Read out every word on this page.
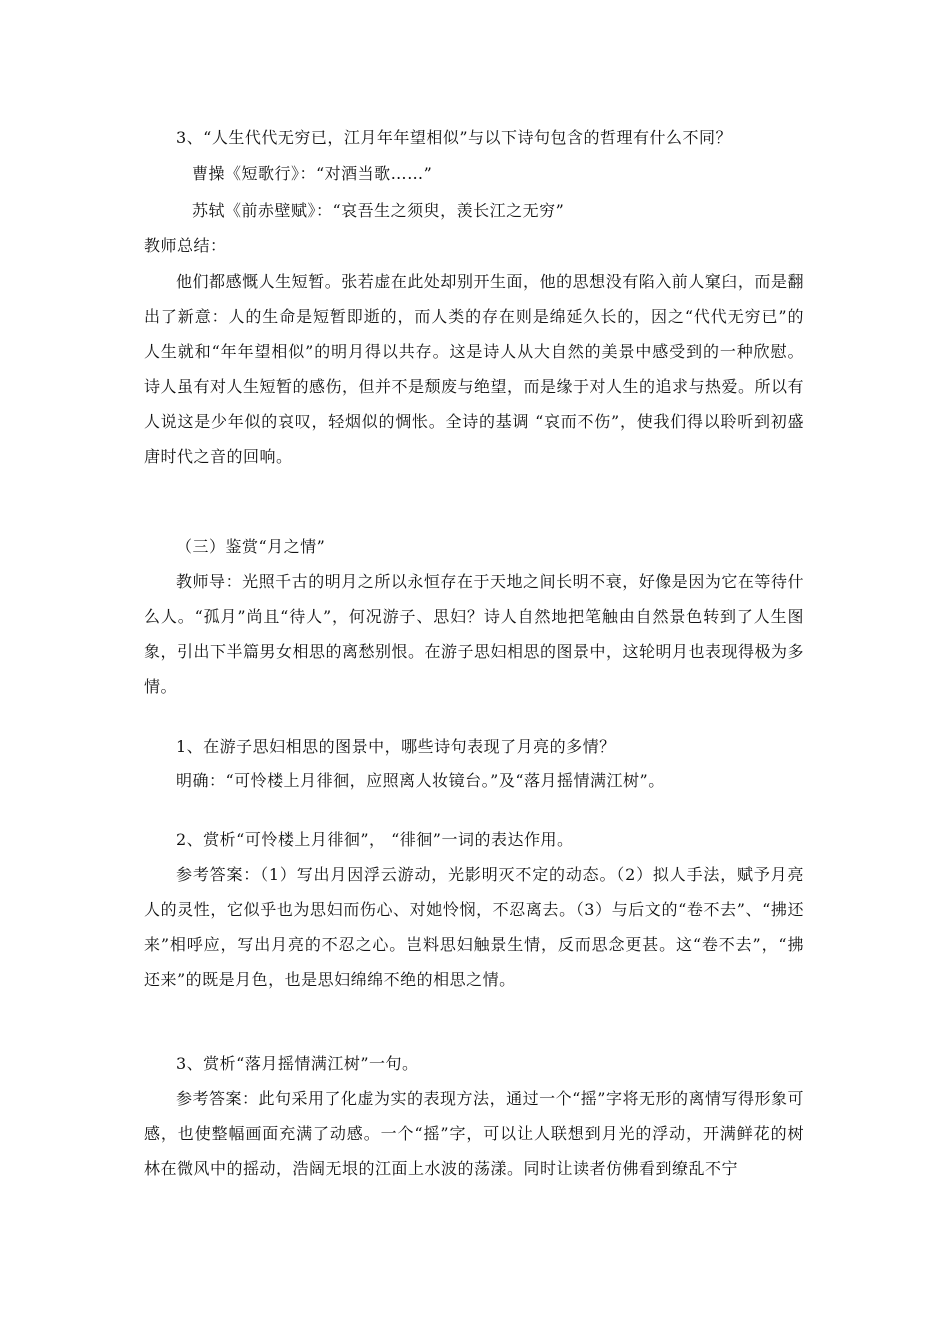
3、“人生代代无穷已，江月年年望相似”与以下诗句包含的哲理有什么不同？
曹操《短歌行》：“对酒当歌……”
苏轼《前赤壁赋》：“哀吾生之须臾，羡长江之无穷”
教师总结：
他们都感慨人生短暂。张若虚在此处却别开生面，他的思想没有陷入前人窠臼，而是翻出了新意：人的生命是短暂即逝的，而人类的存在则是绵延久长的，因之“代代无穷已”的人生就和“年年望相似”的明月得以共存。这是诗人从大自然的美景中感受到的一种欣慰。诗人虽有对人生短暂的感伤，但并不是颓废与绝望，而是缘于对人生的追求与热爱。所以有人说这是少年似的哀叹，轻烟似的惆怅。全诗的基调 “哀而不伤”，使我们得以聆听到初盛唐时代之音的回响。
（三）鉴赏“月之情”
教师导：光照千古的明月之所以永恒存在于天地之间长明不衰，好像是因为它在等待什么人。“孤月”尚且“待人”，何况游子、思妇？诗人自然地把笔触由自然景色转到了人生图象，引出下半篇男女相思的离愁别恨。在游子思妇相思的图景中，这轮明月也表现得极为多情。
1、在游子思妇相思的图景中，哪些诗句表现了月亮的多情？
明确：“可怜楼上月徘徊，应照离人妆镜台。”及“落月摇情满江树”。
2、赏析“可怜楼上月徘徊”， “徘徊”一词的表达作用。
参考答案：（1）写出月因浮云游动，光影明灭不定的动态。（2）拟人手法，赋予月亮人的灵性，它似乎也为思妇而伤心、对她怜悯，不忍离去。（3）与后文的“卷不去”、“拂还来”相呼应，写出月亮的不忍之心。岂料思妇触景生情，反而思念更甚。这“卷不去”，“拂还来”的既是月色，也是思妇绵绵不绝的相思之情。
3、赏析“落月摇情满江树”一句。
参考答案：此句采用了化虚为实的表现方法，通过一个“摇”字将无形的离情写得形象可感，也使整幅画面充满了动感。一个“摇”字，可以让人联想到月光的浮动，开满鲜花的树林在微风中的摇动，浩阔无垠的江面上水波的荡漾。同时让读者仿佛看到缭乱不宁
